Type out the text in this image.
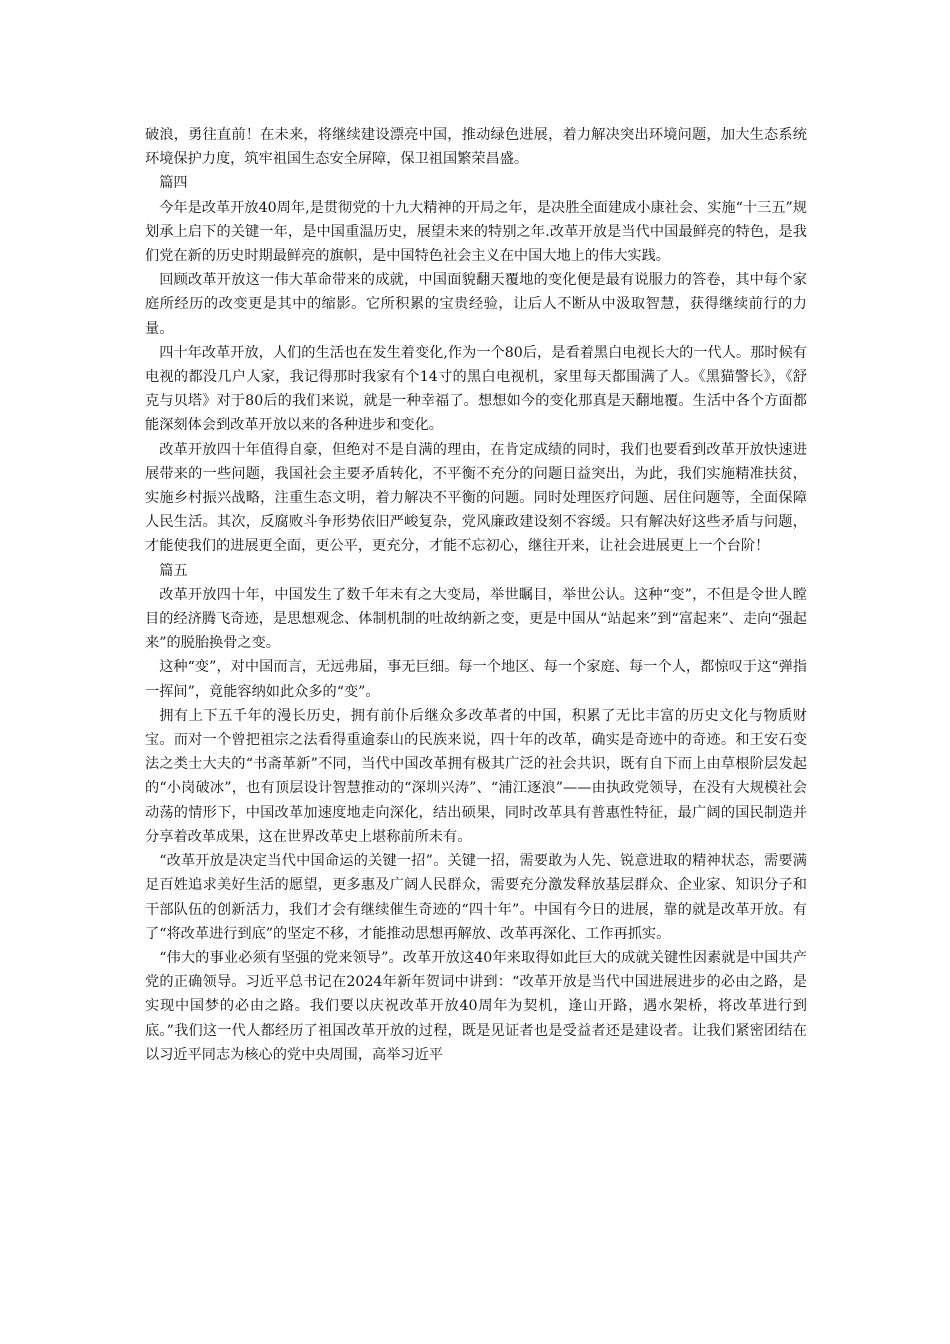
破浪，勇往直前！在未来，将继续建设漂亮中国，推动绿色进展，着力解决突出环境问题，加大生态系统环境保护力度，筑牢祖国生态安全屏障，保卫祖国繁荣昌盛。

篇四

今年是改革开放40周年,是贯彻党的十九大精神的开局之年，是决胜全面建成小康社会、实施“十三五”规划承上启下的关键一年，是中国重温历史，展望未来的特别之年.改革开放是当代中国最鲜亮的特色，是我们党在新的历史时期最鲜亮的旗帜，是中国特色社会主义在中国大地上的伟大实践。

回顾改革开放这一伟大革命带来的成就，中国面貌翻天覆地的变化便是最有说服力的答卷，其中每个家庭所经历的改变更是其中的缩影。它所积累的宝贵经验，让后人不断从中汲取智慧，获得继续前行的力量。

四十年改革开放，人们的生活也在发生着变化,作为一个80后，是看着黑白电视长大的一代人。那时候有电视的都没几户人家，我记得那时我家有个14寸的黑白电视机，家里每天都围满了人。《黑猫警长》，《舒克与贝塔》对于80后的我们来说，就是一种幸福了。想想如今的变化那真是天翻地覆。生活中各个方面都能深刻体会到改革开放以来的各种进步和变化。

改革开放四十年值得自豪，但绝对不是自满的理由，在肯定成绩的同时，我们也要看到改革开放快速进展带来的一些问题，我国社会主要矛盾转化，不平衡不充分的问题日益突出，为此，我们实施精准扶贫，实施乡村振兴战略，注重生态文明，着力解决不平衡的问题。同时处理医疗问题、居住问题等，全面保障人民生活。其次，反腐败斗争形势依旧严峻复杂，党风廉政建设刻不容缓。只有解决好这些矛盾与问题，才能使我们的进展更全面，更公平，更充分，才能不忘初心，继往开来，让社会进展更上一个台阶！

篇五

改革开放四十年，中国发生了数千年未有之大变局，举世瞩目，举世公认。这种“变”，不但是令世人瞠目的经济腾飞奇迹，是思想观念、体制机制的吐故纳新之变，更是中国从“站起来”到“富起来”、走向“强起来”的脱胎换骨之变。

这种“变”，对中国而言，无远弗届，事无巨细。每一个地区、每一个家庭、每一个人，都惊叹于这“弹指一挥间”，竟能容纳如此众多的“变”。

拥有上下五千年的漫长历史，拥有前仆后继众多改革者的中国，积累了无比丰富的历史文化与物质财宝。而对一个曾把祖宗之法看得重逾泰山的民族来说，四十年的改革，确实是奇迹中的奇迹。和王安石变法之类士大夫的“书斋革新”不同，当代中国改革拥有极其广泛的社会共识，既有自下而上由草根阶层发起的“小岗破冰”，也有顶层设计智慧推动的“深圳兴涛”、“浦江逐浪”——由执政党领导，在没有大规模社会动荡的情形下，中国改革加速度地走向深化，结出硕果，同时改革具有普惠性特征，最广阔的国民制造并分享着改革成果，这在世界改革史上堪称前所未有。

“改革开放是决定当代中国命运的关键一招”。关键一招，需要敢为人先、锐意进取的精神状态，需要满足百姓追求美好生活的愿望，更多惠及广阔人民群众，需要充分激发释放基层群众、企业家、知识分子和干部队伍的创新活力，我们才会有继续催生奇迹的“四十年”。中国有今日的进展，靠的就是改革开放。有了“将改革进行到底”的坚定不移，才能推动思想再解放、改革再深化、工作再抓实。

“伟大的事业必须有坚强的党来领导”。改革开放这40年来取得如此巨大的成就关键性因素就是中国共产党的正确领导。习近平总书记在2024年新年贺词中讲到：“改革开放是当代中国进展进步的必由之路，是实现中国梦的必由之路。我们要以庆祝改革开放40周年为契机，逢山开路，遇水架桥，将改革进行到底。”我们这一代人都经历了祖国改革开放的过程，既是见证者也是受益者还是建设者。让我们紧密团结在以习近平同志为核心的党中央周围，高举习近平
